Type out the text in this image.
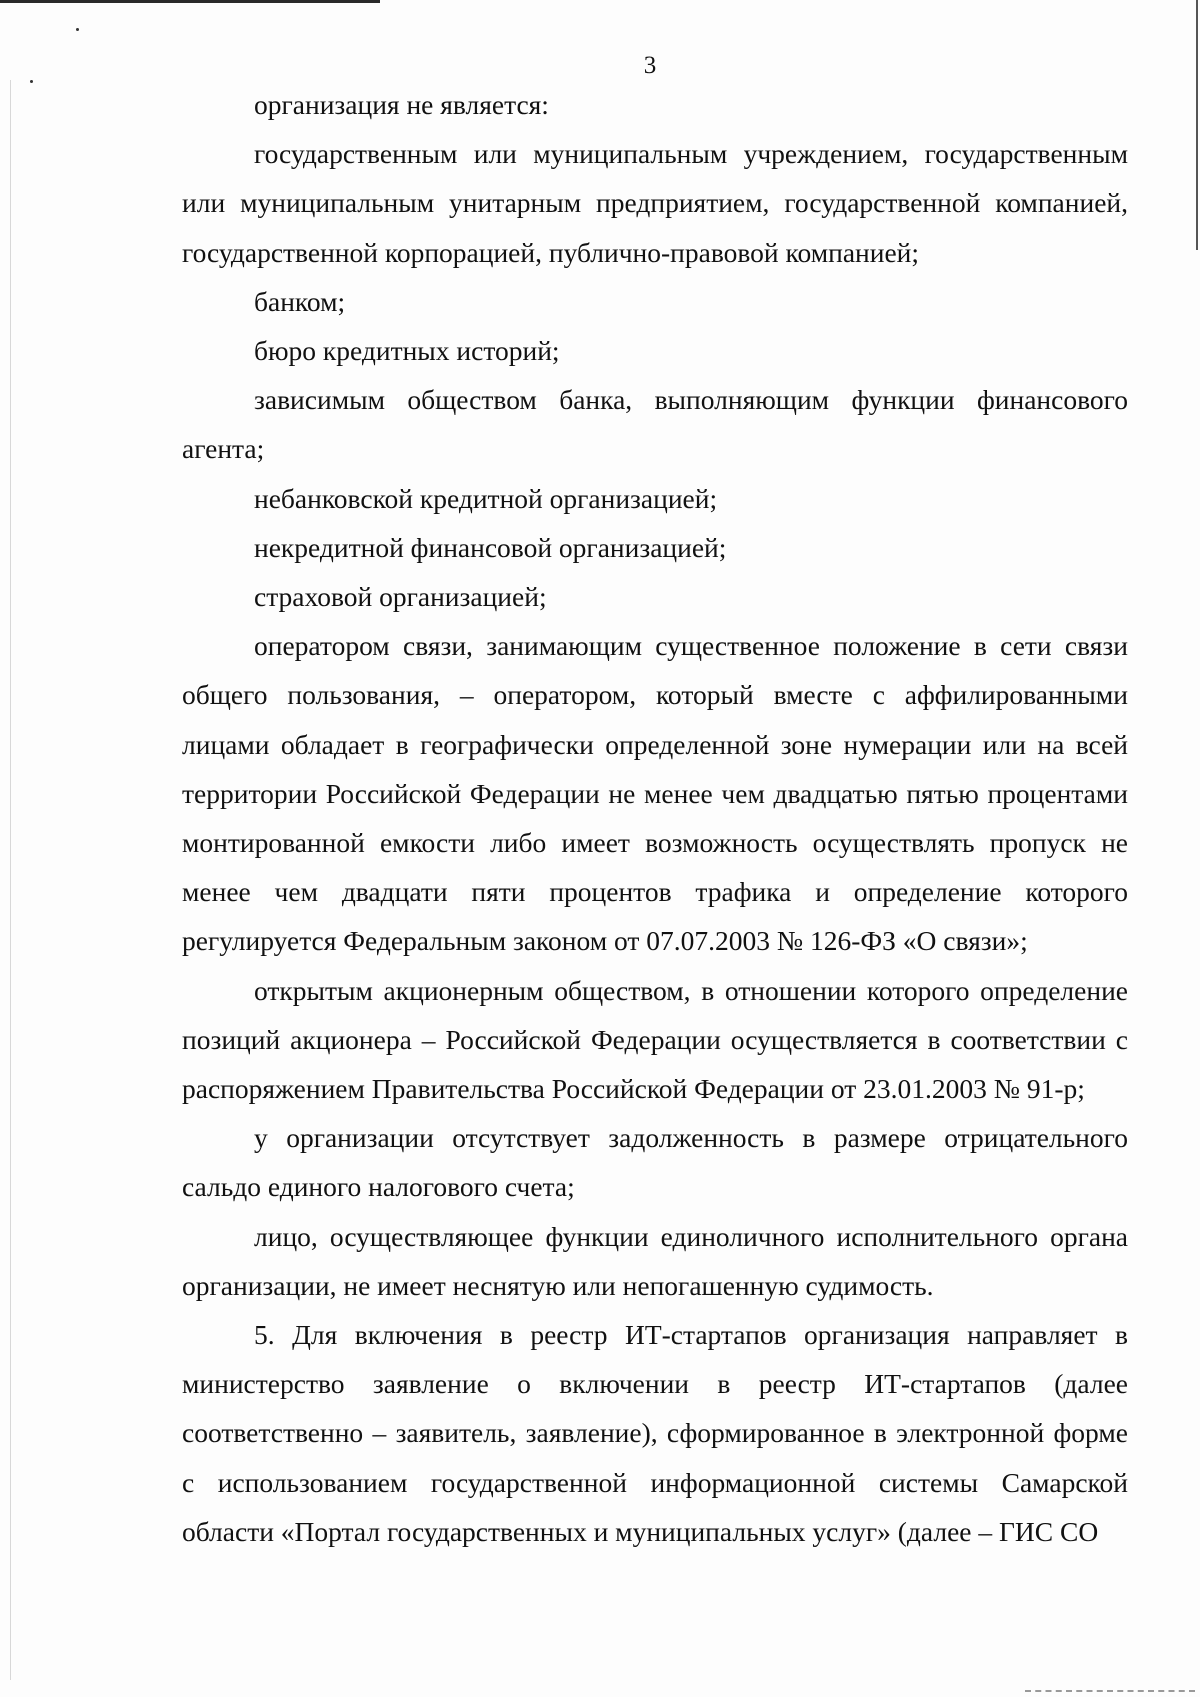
3

организация не является:

государственным или муниципальным учреждением, государственным или муниципальным унитарным предприятием, государственной компанией, государственной корпорацией, публично-правовой компанией;

банком;

бюро кредитных историй;

зависимым обществом банка, выполняющим функции финансового агента;

небанковской кредитной организацией;

некредитной финансовой организацией;

страховой организацией;

оператором связи, занимающим существенное положение в сети связи общего пользования, – оператором, который вместе с аффилированными лицами обладает в географически определенной зоне нумерации или на всей территории Российской Федерации не менее чем двадцатью пятью процентами монтированной емкости либо имеет возможность осуществлять пропуск не менее чем двадцати пяти процентов трафика и определение которого регулируется Федеральным законом от 07.07.2003 № 126-ФЗ «О связи»;

открытым акционерным обществом, в отношении которого определение позиций акционера – Российской Федерации осуществляется в соответствии с распоряжением Правительства Российской Федерации от 23.01.2003 № 91-р;

у организации отсутствует задолженность в размере отрицательного сальдо единого налогового счета;

лицо, осуществляющее функции единоличного исполнительного органа организации, не имеет неснятую или непогашенную судимость.

5. Для включения в реестр ИТ-стартапов организация направляет в министерство заявление о включении в реестр ИТ-стартапов (далее соответственно – заявитель, заявление), сформированное в электронной форме с использованием государственной информационной системы Самарской области «Портал государственных и муниципальных услуг» (далее – ГИС СО
